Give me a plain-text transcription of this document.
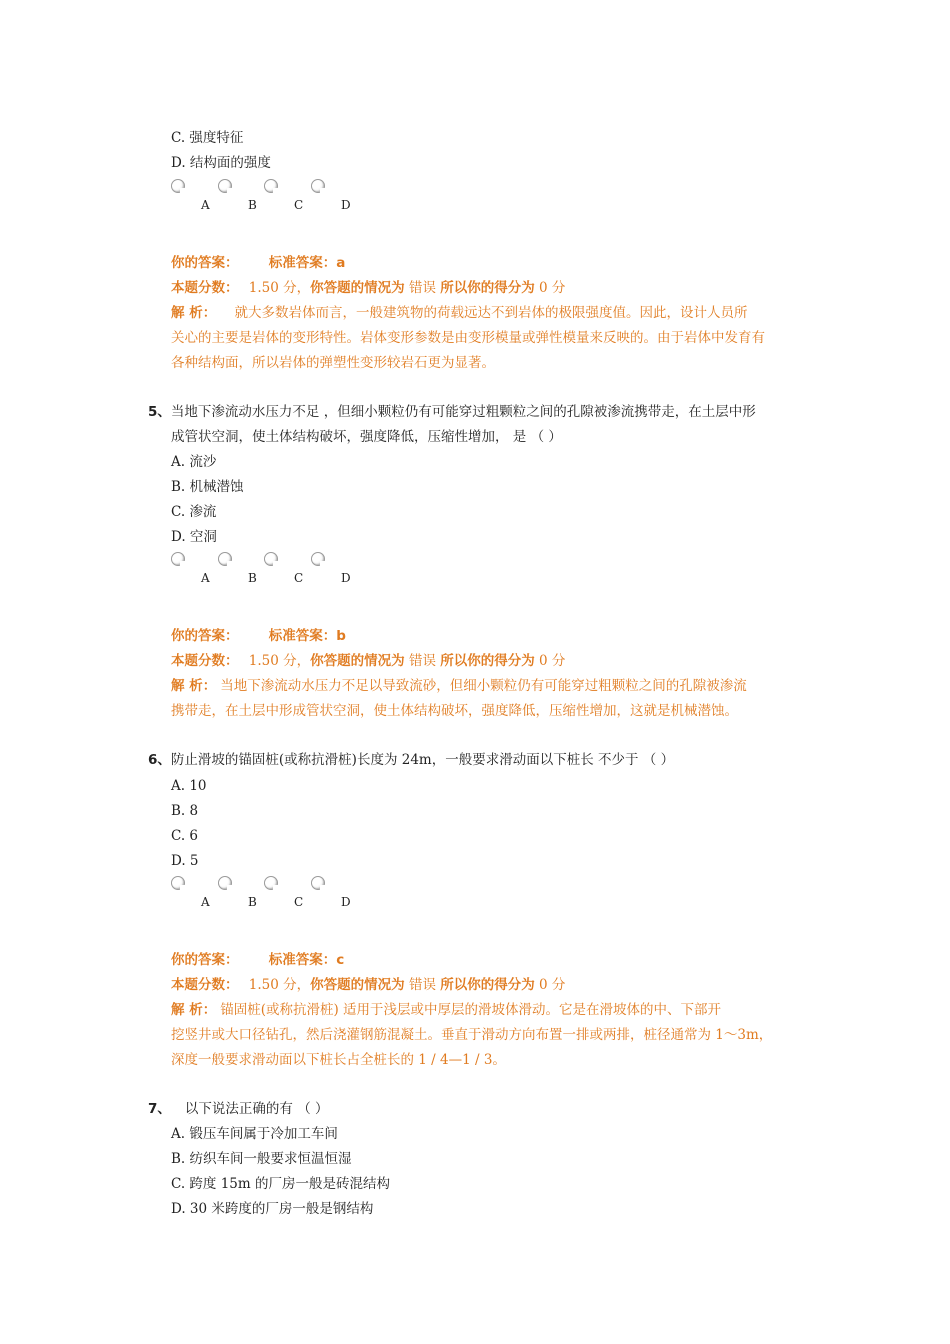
C. 强度特征
D. 结构面的强度
A	B	C	D
你的答案： 标准答案：a
本题分数： 1.50 分，你答题的情况为 错误 所以你的得分为 0 分
解 析： 就大多数岩体而言，一般建筑物的荷载远达不到岩体的极限强度值。因此，设计人员所
关心的主要是岩体的变形特性。岩体变形参数是由变形模量或弹性模量来反映的。由于岩体中发育有
各种结构面，所以岩体的弹塑性变形较岩石更为显著。
5、当地下渗流动水压力不足 ，但细小颗粒仍有可能穿过粗颗粒之间的孔隙被渗流携带走，在土层中形
成管状空洞，使土体结构破坏，强度降低，压缩性增加， 是 （ ）
A. 流沙
B. 机械潜蚀
C. 渗流
D. 空洞
A	B	C	D
你的答案： 标准答案：b
本题分数： 1.50 分，你答题的情况为 错误 所以你的得分为 0 分
解 析： 当地下渗流动水压力不足以导致流砂，但细小颗粒仍有可能穿过粗颗粒之间的孔隙被渗流
携带走，在土层中形成管状空洞，使土体结构破坏，强度降低，压缩性增加，这就是机械潜蚀。
6、防止滑坡的锚固桩(或称抗滑桩)长度为 24m，一般要求滑动面以下桩长 不少于 （ ）
A. 10
B. 8
C. 6
D. 5
A	B	C	D
你的答案： 标准答案：c
本题分数： 1.50 分，你答题的情况为 错误 所以你的得分为 0 分
解 析： 锚固桩(或称抗滑桩) 适用于浅层或中厚层的滑坡体滑动。它是在滑坡体的中、下部开
挖竖井或大口径钻孔，然后浇灌钢筋混凝土。垂直于滑动方向布置一排或两排，桩径通常为 1～3m，
深度一般要求滑动面以下桩长占全桩长的 1 / 4—1 / 3。
7、 以下说法正确的有 （ ）
A. 锻压车间属于冷加工车间
B. 纺织车间一般要求恒温恒湿
C. 跨度 15m 的厂房一般是砖混结构
D. 30 米跨度的厂房一般是钢结构
